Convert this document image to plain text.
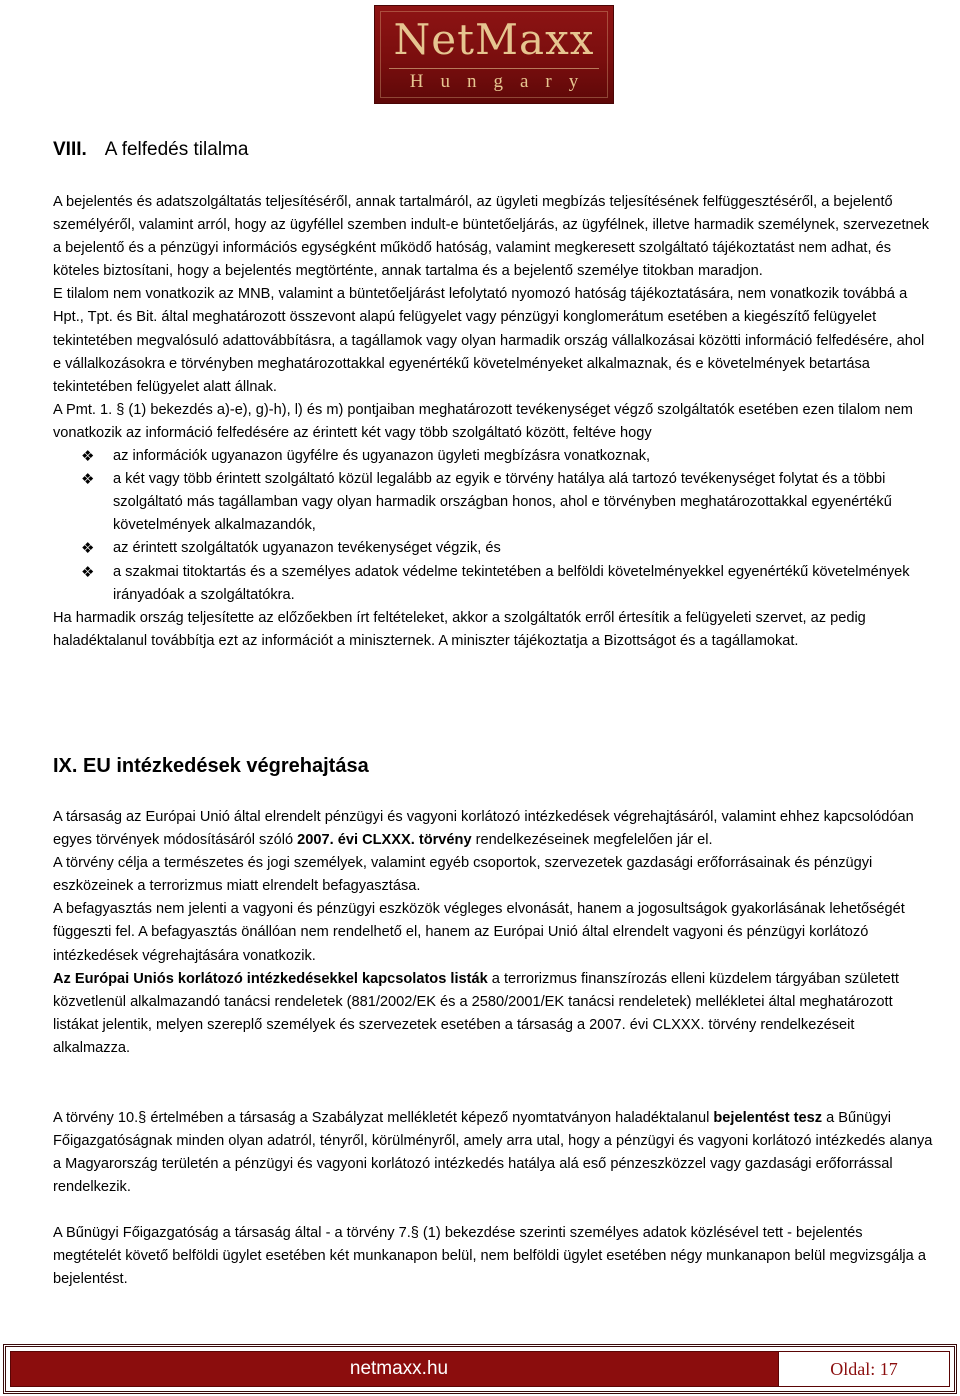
NetMaxx
Hungary
VIII. A felfedés tilalma

A bejelentés és adatszolgáltatás teljesítéséről, annak tartalmáról, az ügyleti megbízás teljesítésének felfüggesztéséről, a bejelentő személyéről, valamint arról, hogy az ügyféllel szemben indult-e büntetőeljárás, az ügyfélnek, illetve harmadik személynek, szervezetnek a bejelentő és a pénzügyi információs egységként működő hatóság, valamint megkeresett szolgáltató tájékoztatást nem adhat, és köteles biztosítani, hogy a bejelentés megtörténte, annak tartalma és a bejelentő személye titokban maradjon.

E tilalom nem vonatkozik az MNB, valamint a büntetőeljárást lefolytató nyomozó hatóság tájékoztatására, nem vonatkozik továbbá a Hpt., Tpt. és Bit. által meghatározott összevont alapú felügyelet vagy pénzügyi konglomerátum esetében a kiegészítő felügyelet tekintetében megvalósuló adattovábbításra, a tagállamok vagy olyan harmadik ország vállalkozásai közötti információ felfedésére, ahol e vállalkozásokra e törvényben meghatározottakkal egyenértékű követelményeket alkalmaznak, és e követelmények betartása tekintetében felügyelet alatt állnak.

A Pmt. 1. § (1) bekezdés a)-e), g)-h), l) és m) pontjaiban meghatározott tevékenységet végző szolgáltatók esetében ezen tilalom nem vonatkozik az információ felfedésére az érintett két vagy több szolgáltató között, feltéve hogy

❖ az információk ugyanazon ügyfélre és ugyanazon ügyleti megbízásra vonatkoznak,
❖ a két vagy több érintett szolgáltató közül legalább az egyik e törvény hatálya alá tartozó tevékenységet folytat és a többi szolgáltató más tagállamban vagy olyan harmadik országban honos, ahol e törvényben meghatározottakkal egyenértékű követelmények alkalmazandók,
❖ az érintett szolgáltatók ugyanazon tevékenységet végzik, és
❖ a szakmai titoktartás és a személyes adatok védelme tekintetében a belföldi követelményekkel egyenértékű követelmények irányadóak a szolgáltatókra.

Ha harmadik ország teljesítette az előzőekben írt feltételeket, akkor a szolgáltatók erről értesítik a felügyeleti szervet, az pedig haladéktalanul továbbítja ezt az információt a miniszternek. A miniszter tájékoztatja a Bizottságot és a tagállamokat.

IX. EU intézkedések végrehajtása

A társaság az Európai Unió által elrendelt pénzügyi és vagyoni korlátozó intézkedések végrehajtásáról, valamint ehhez kapcsolódóan egyes törvények módosításáról szóló 2007. évi CLXXX. törvény rendelkezéseinek megfelelően jár el.

A törvény célja a természetes és jogi személyek, valamint egyéb csoportok, szervezetek gazdasági erőforrásainak és pénzügyi eszközeinek a terrorizmus miatt elrendelt befagyasztása.

A befagyasztás nem jelenti a vagyoni és pénzügyi eszközök végleges elvonását, hanem a jogosultságok gyakorlásának lehetőségét függeszti fel. A befagyasztás önállóan nem rendelhető el, hanem az Európai Unió által elrendelt vagyoni és pénzügyi korlátozó intézkedések végrehajtására vonatkozik.

Az Európai Uniós korlátozó intézkedésekkel kapcsolatos listák a terrorizmus finanszírozás elleni küzdelem tárgyában született közvetlenül alkalmazandó tanácsi rendeletek (881/2002/EK és a 2580/2001/EK tanácsi rendeletek) mellékletei által meghatározott listákat jelentik, melyen szereplő személyek és szervezetek esetében a társaság a 2007. évi CLXXX. törvény rendelkezéseit alkalmazza.

A törvény 10.§ értelmében a társaság a Szabályzat mellékletét képező nyomtatványon haladéktalanul bejelentést tesz a Bűnügyi Főigazgatóságnak minden olyan adatról, tényről, körülményről, amely arra utal, hogy a pénzügyi és vagyoni korlátozó intézkedés alanya a Magyarország területén a pénzügyi és vagyoni korlátozó intézkedés hatálya alá eső pénzeszközzel vagy gazdasági erőforrással rendelkezik.

A Bűnügyi Főigazgatóság a társaság által - a törvény 7.§ (1) bekezdése szerinti személyes adatok közlésével tett - bejelentés megtételét követő belföldi ügylet esetében két munkanapon belül, nem belföldi ügylet esetében négy munkanapon belül megvizsgálja a bejelentést.

netmaxx.hu	Oldal: 17
